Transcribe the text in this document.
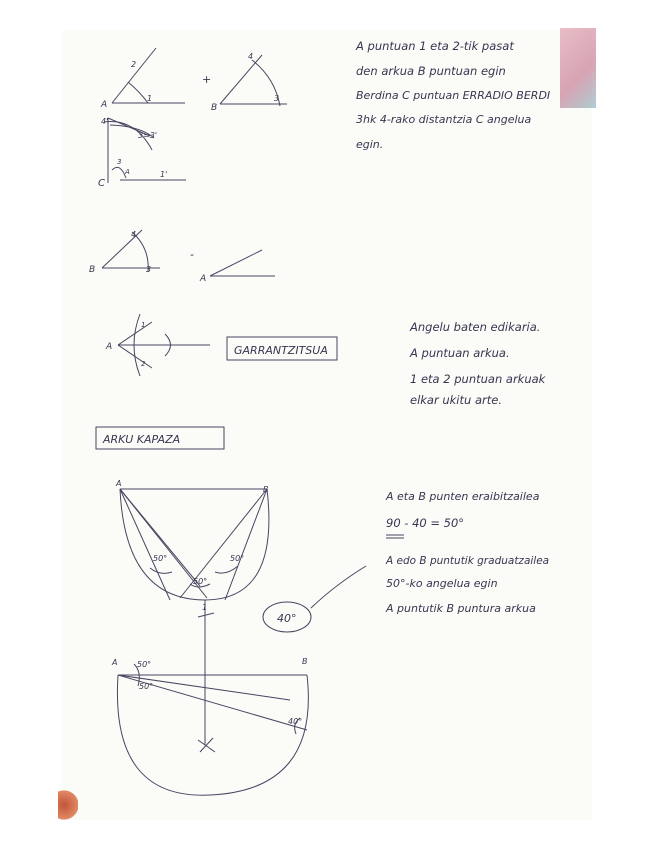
2
A
1
+
4
B
3
4'
3=3'
C
3
A	1'
4
B	3
-
A
A
1
2
GARRANTZITSUA
ARKU KAPAZA
A
B
50°	50°
50°
40°
A	B
1
50°
50°
40°
A puntuan 1 eta 2-tik pasat
den arkua B puntuan egin
Berdina C puntuan ERRADIO BERDI
3hk 4-rako distantzia C angelua
egin.
Angelu baten edikaria.
A puntuan arkua.
1 eta 2 puntuan arkuak
elkar ukitu arte.
A eta B punten eraibitzailea
90 - 40 = 50°
A edo B puntutik graduatzailea
50°-ko angelua egin
A puntutik B puntura arkua
